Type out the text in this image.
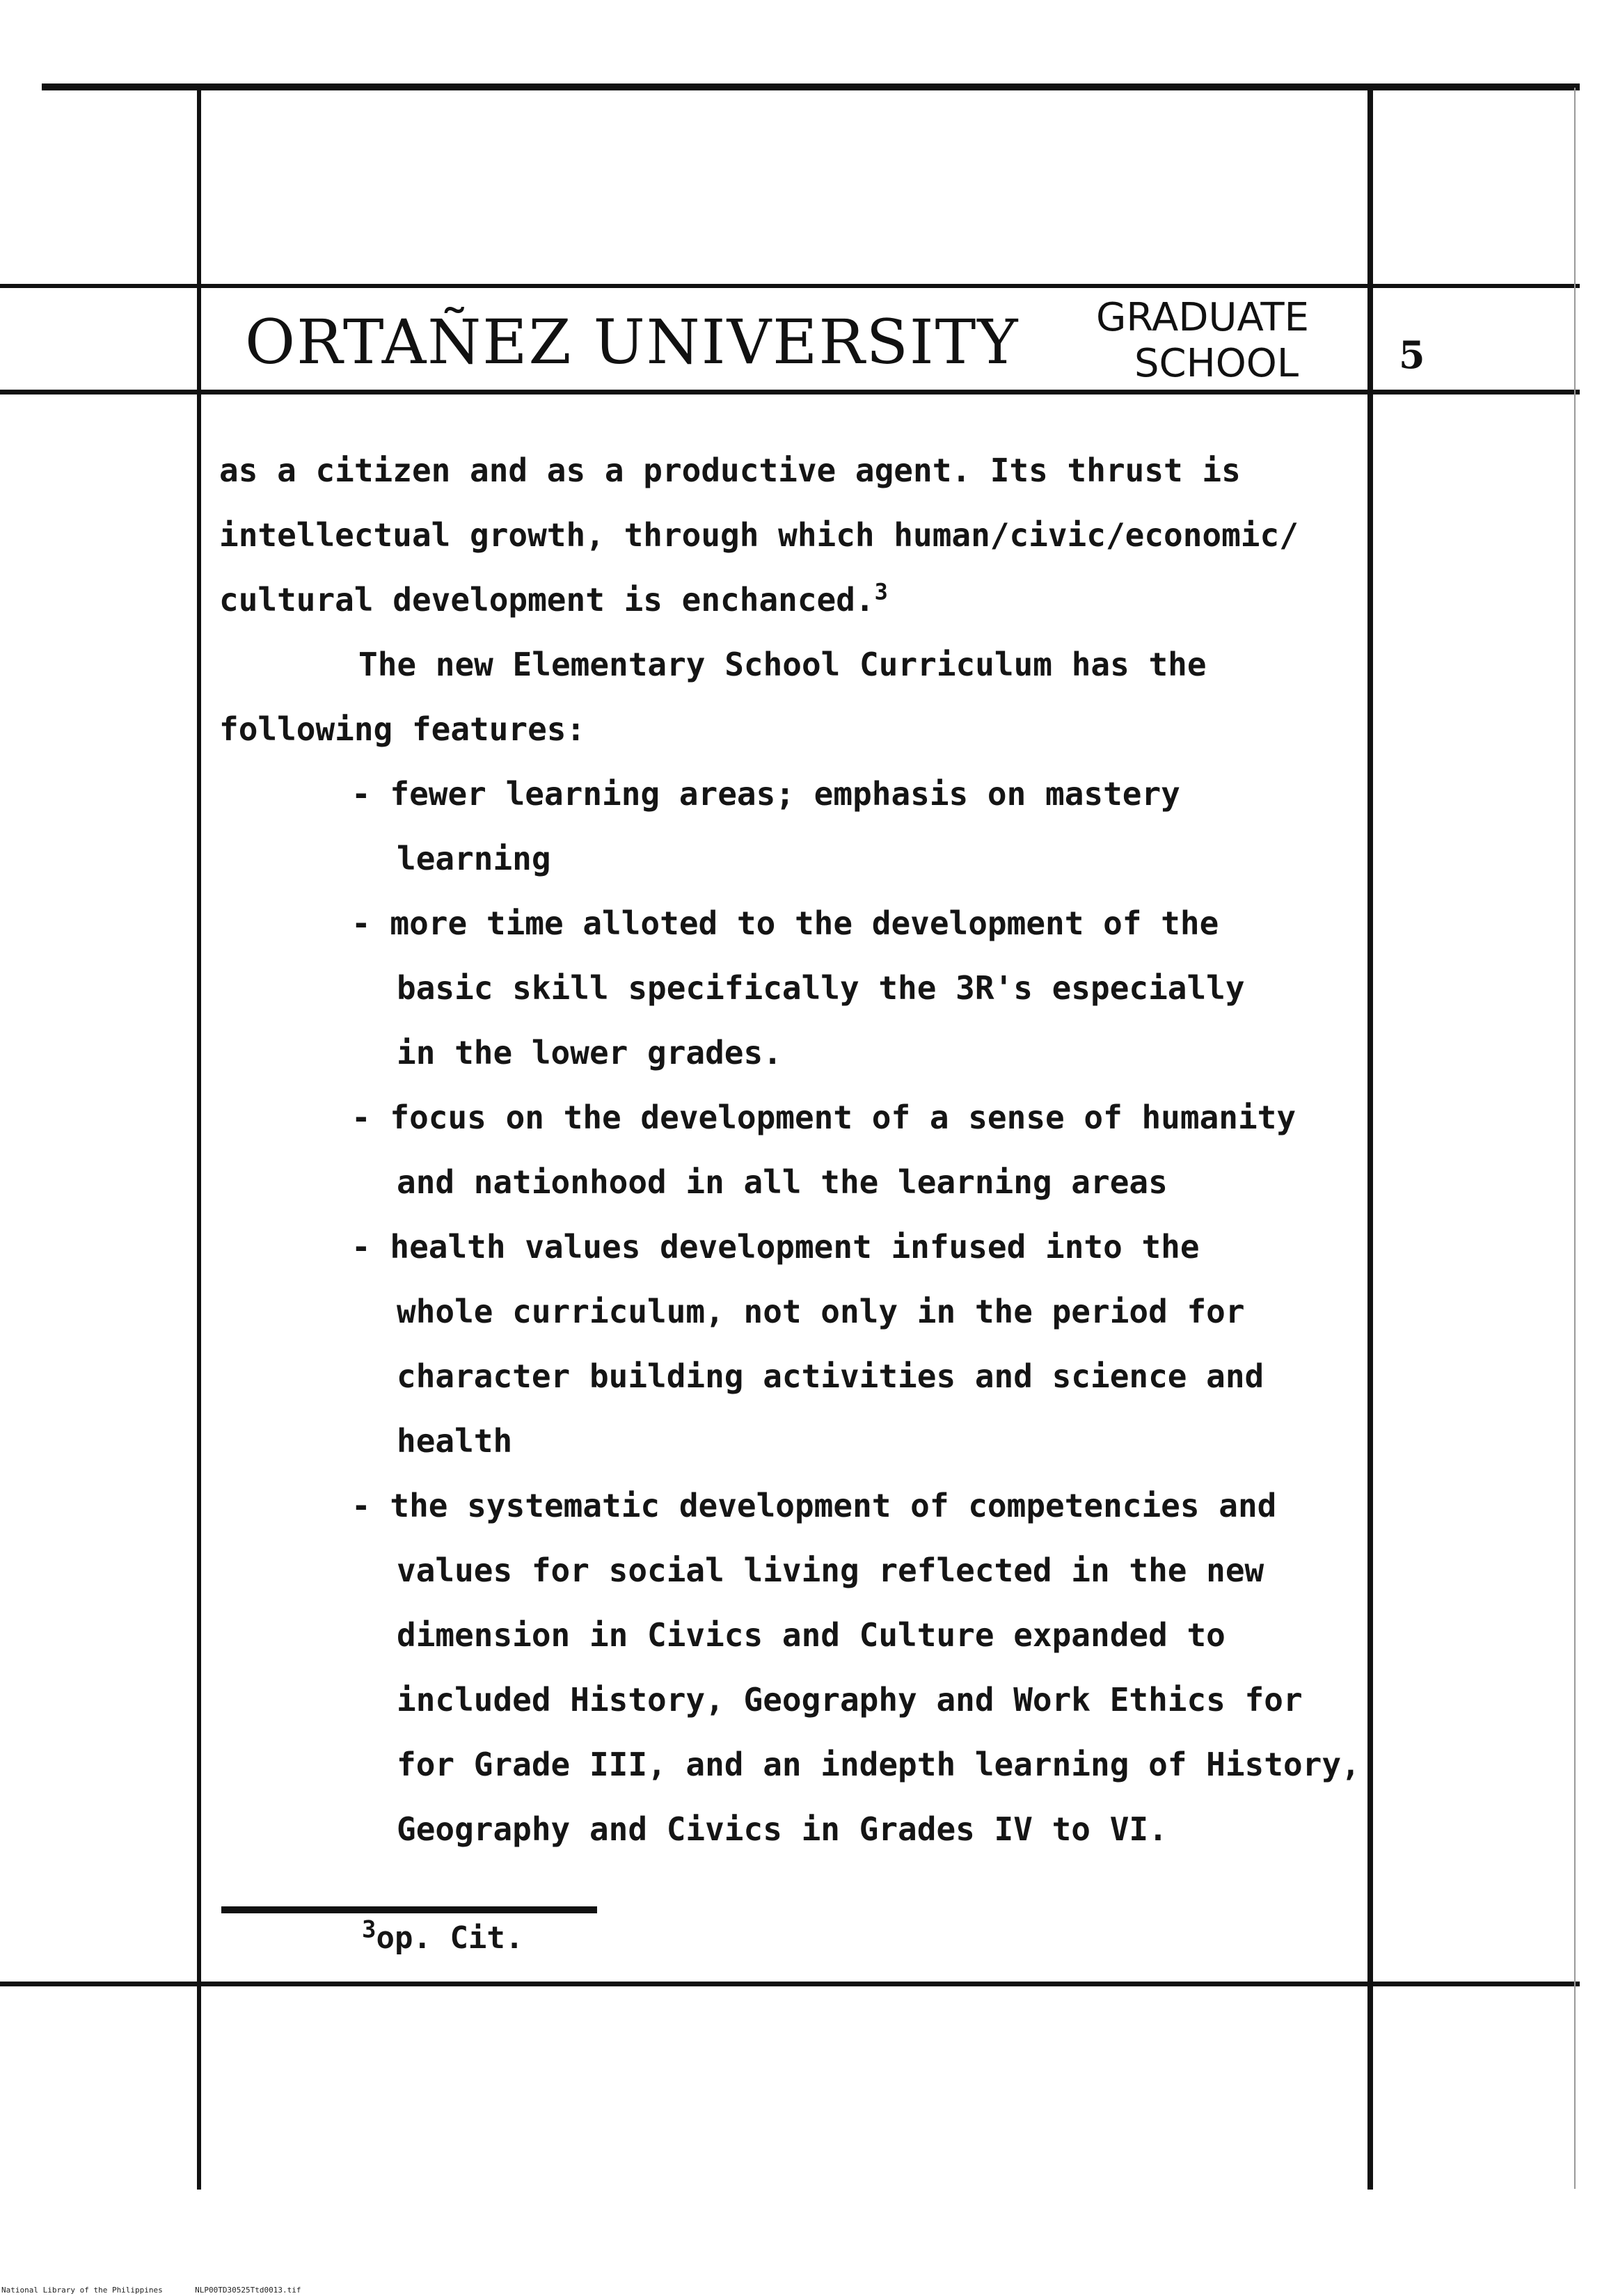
ORTAÑEZ UNIVERSITY	GRADUATE
SCHOOL	5
as a citizen and as a productive agent. Its thrust is
intellectual growth, through which human/civic/economic/
cultural development is enchanced.$^3$
The new Elementary School Curriculum has the
following features:
- fewer learning areas; emphasis on mastery
learning
- more time alloted to the development of the
basic skill specifically the 3R's especially
in the lower grades.
- focus on the development of a sense of humanity
and nationhood in all the learning areas
- health values development infused into the
whole curriculum, not only in the period for
character building activities and science and
health
- the systematic development of competencies and
values for social living reflected in the new
dimension in Civics and Culture expanded to
included History, Geography and Work Ethics for
for Grade III, and an indepth learning of History,
Geography and Civics in Grades IV to VI.
$^3$op. Cit.
National Library of the Philippines	NLP00TD30525Ttd0013.tif
